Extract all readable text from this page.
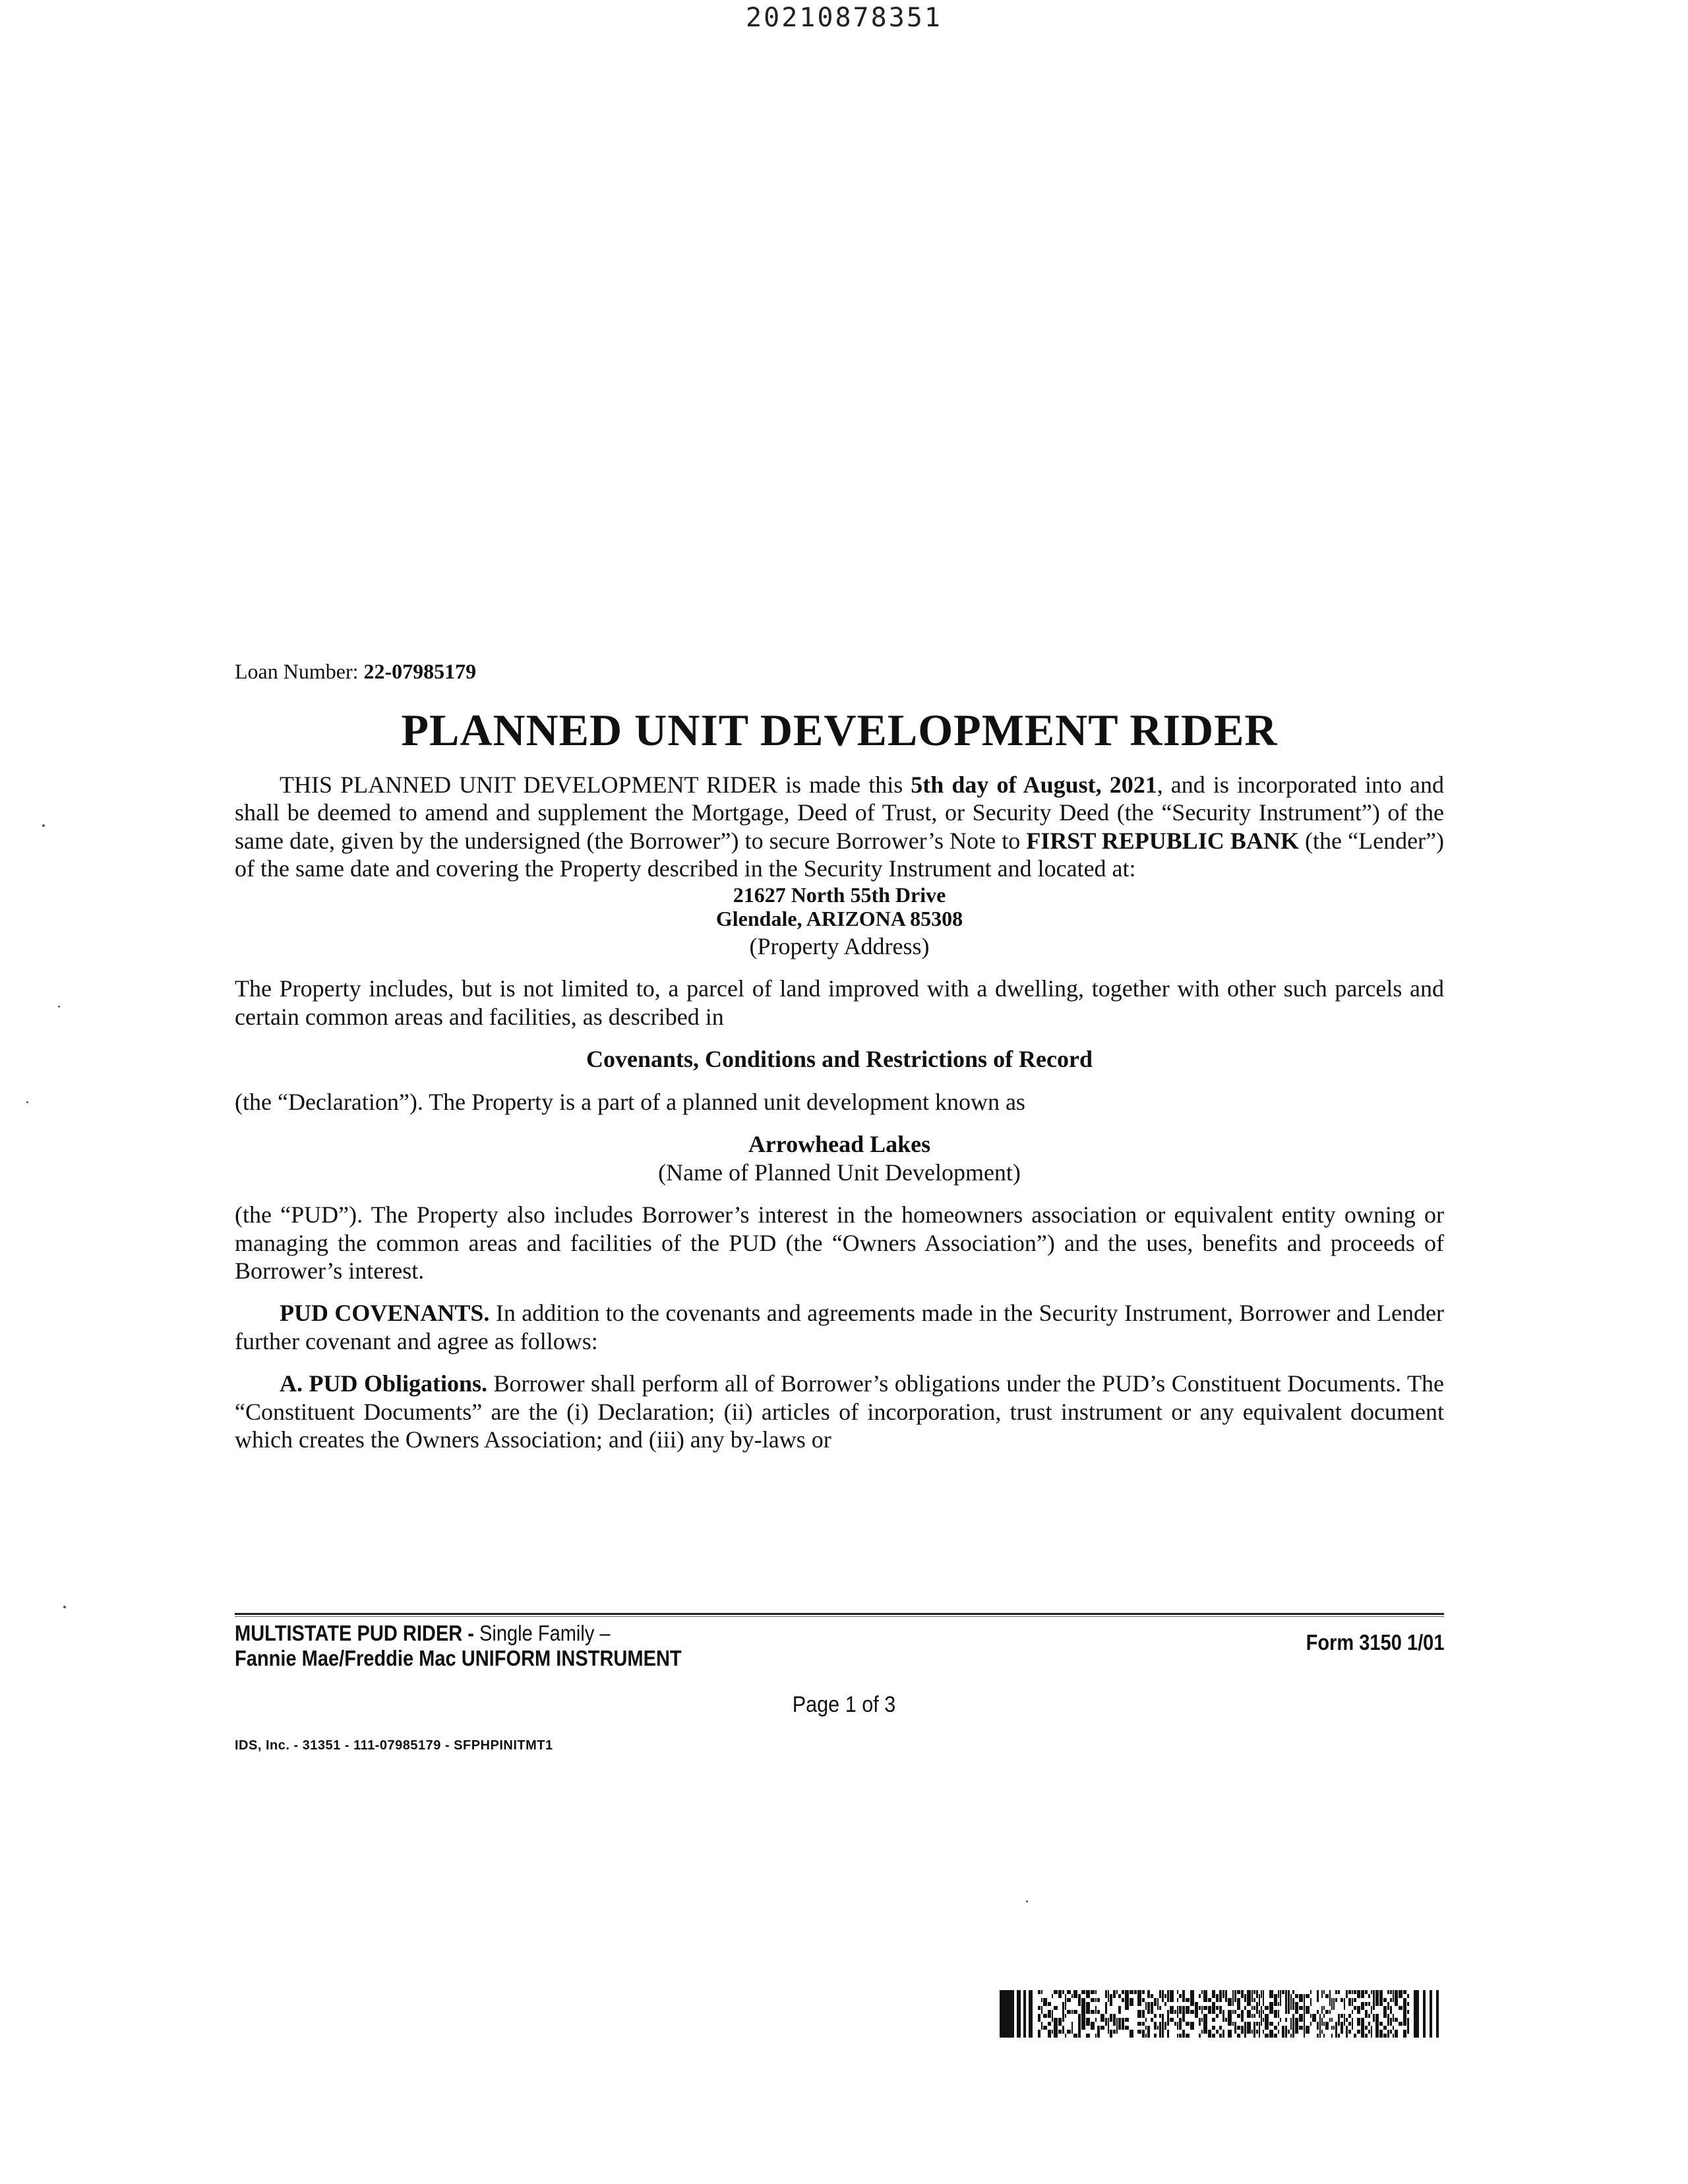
20210878351

Loan Number: 22-07985179

PLANNED UNIT DEVELOPMENT RIDER

THIS PLANNED UNIT DEVELOPMENT RIDER is made this 5th day of August, 2021, and is incorporated into and shall be deemed to amend and supplement the Mortgage, Deed of Trust, or Security Deed (the “Security Instrument”) of the same date, given by the undersigned (the Borrower”) to secure Borrower’s Note to FIRST REPUBLIC BANK (the “Lender”) of the same date and covering the Property described in the Security Instrument and located at:

21627 North 55th Drive
Glendale, ARIZONA 85308
(Property Address)

The Property includes, but is not limited to, a parcel of land improved with a dwelling, together with other such parcels and certain common areas and facilities, as described in

Covenants, Conditions and Restrictions of Record

(the “Declaration”). The Property is a part of a planned unit development known as

Arrowhead Lakes

(Name of Planned Unit Development)

(the “PUD”). The Property also includes Borrower’s interest in the homeowners association or equivalent entity owning or managing the common areas and facilities of the PUD (the “Owners Association”) and the uses, benefits and proceeds of Borrower’s interest.

PUD COVENANTS. In addition to the covenants and agreements made in the Security Instrument, Borrower and Lender further covenant and agree as follows:

A. PUD Obligations. Borrower shall perform all of Borrower’s obligations under the PUD’s Constituent Documents. The “Constituent Documents” are the (i) Declaration; (ii) articles of incorporation, trust instrument or any equivalent document which creates the Owners Association; and (iii) any by-laws or

MULTISTATE PUD RIDER - Single Family –
Fannie Mae/Freddie Mac UNIFORM INSTRUMENT
Form 3150 1/01
Page 1 of 3
IDS, Inc. - 31351 - 111-07985179 - SFPHPINITMT1
